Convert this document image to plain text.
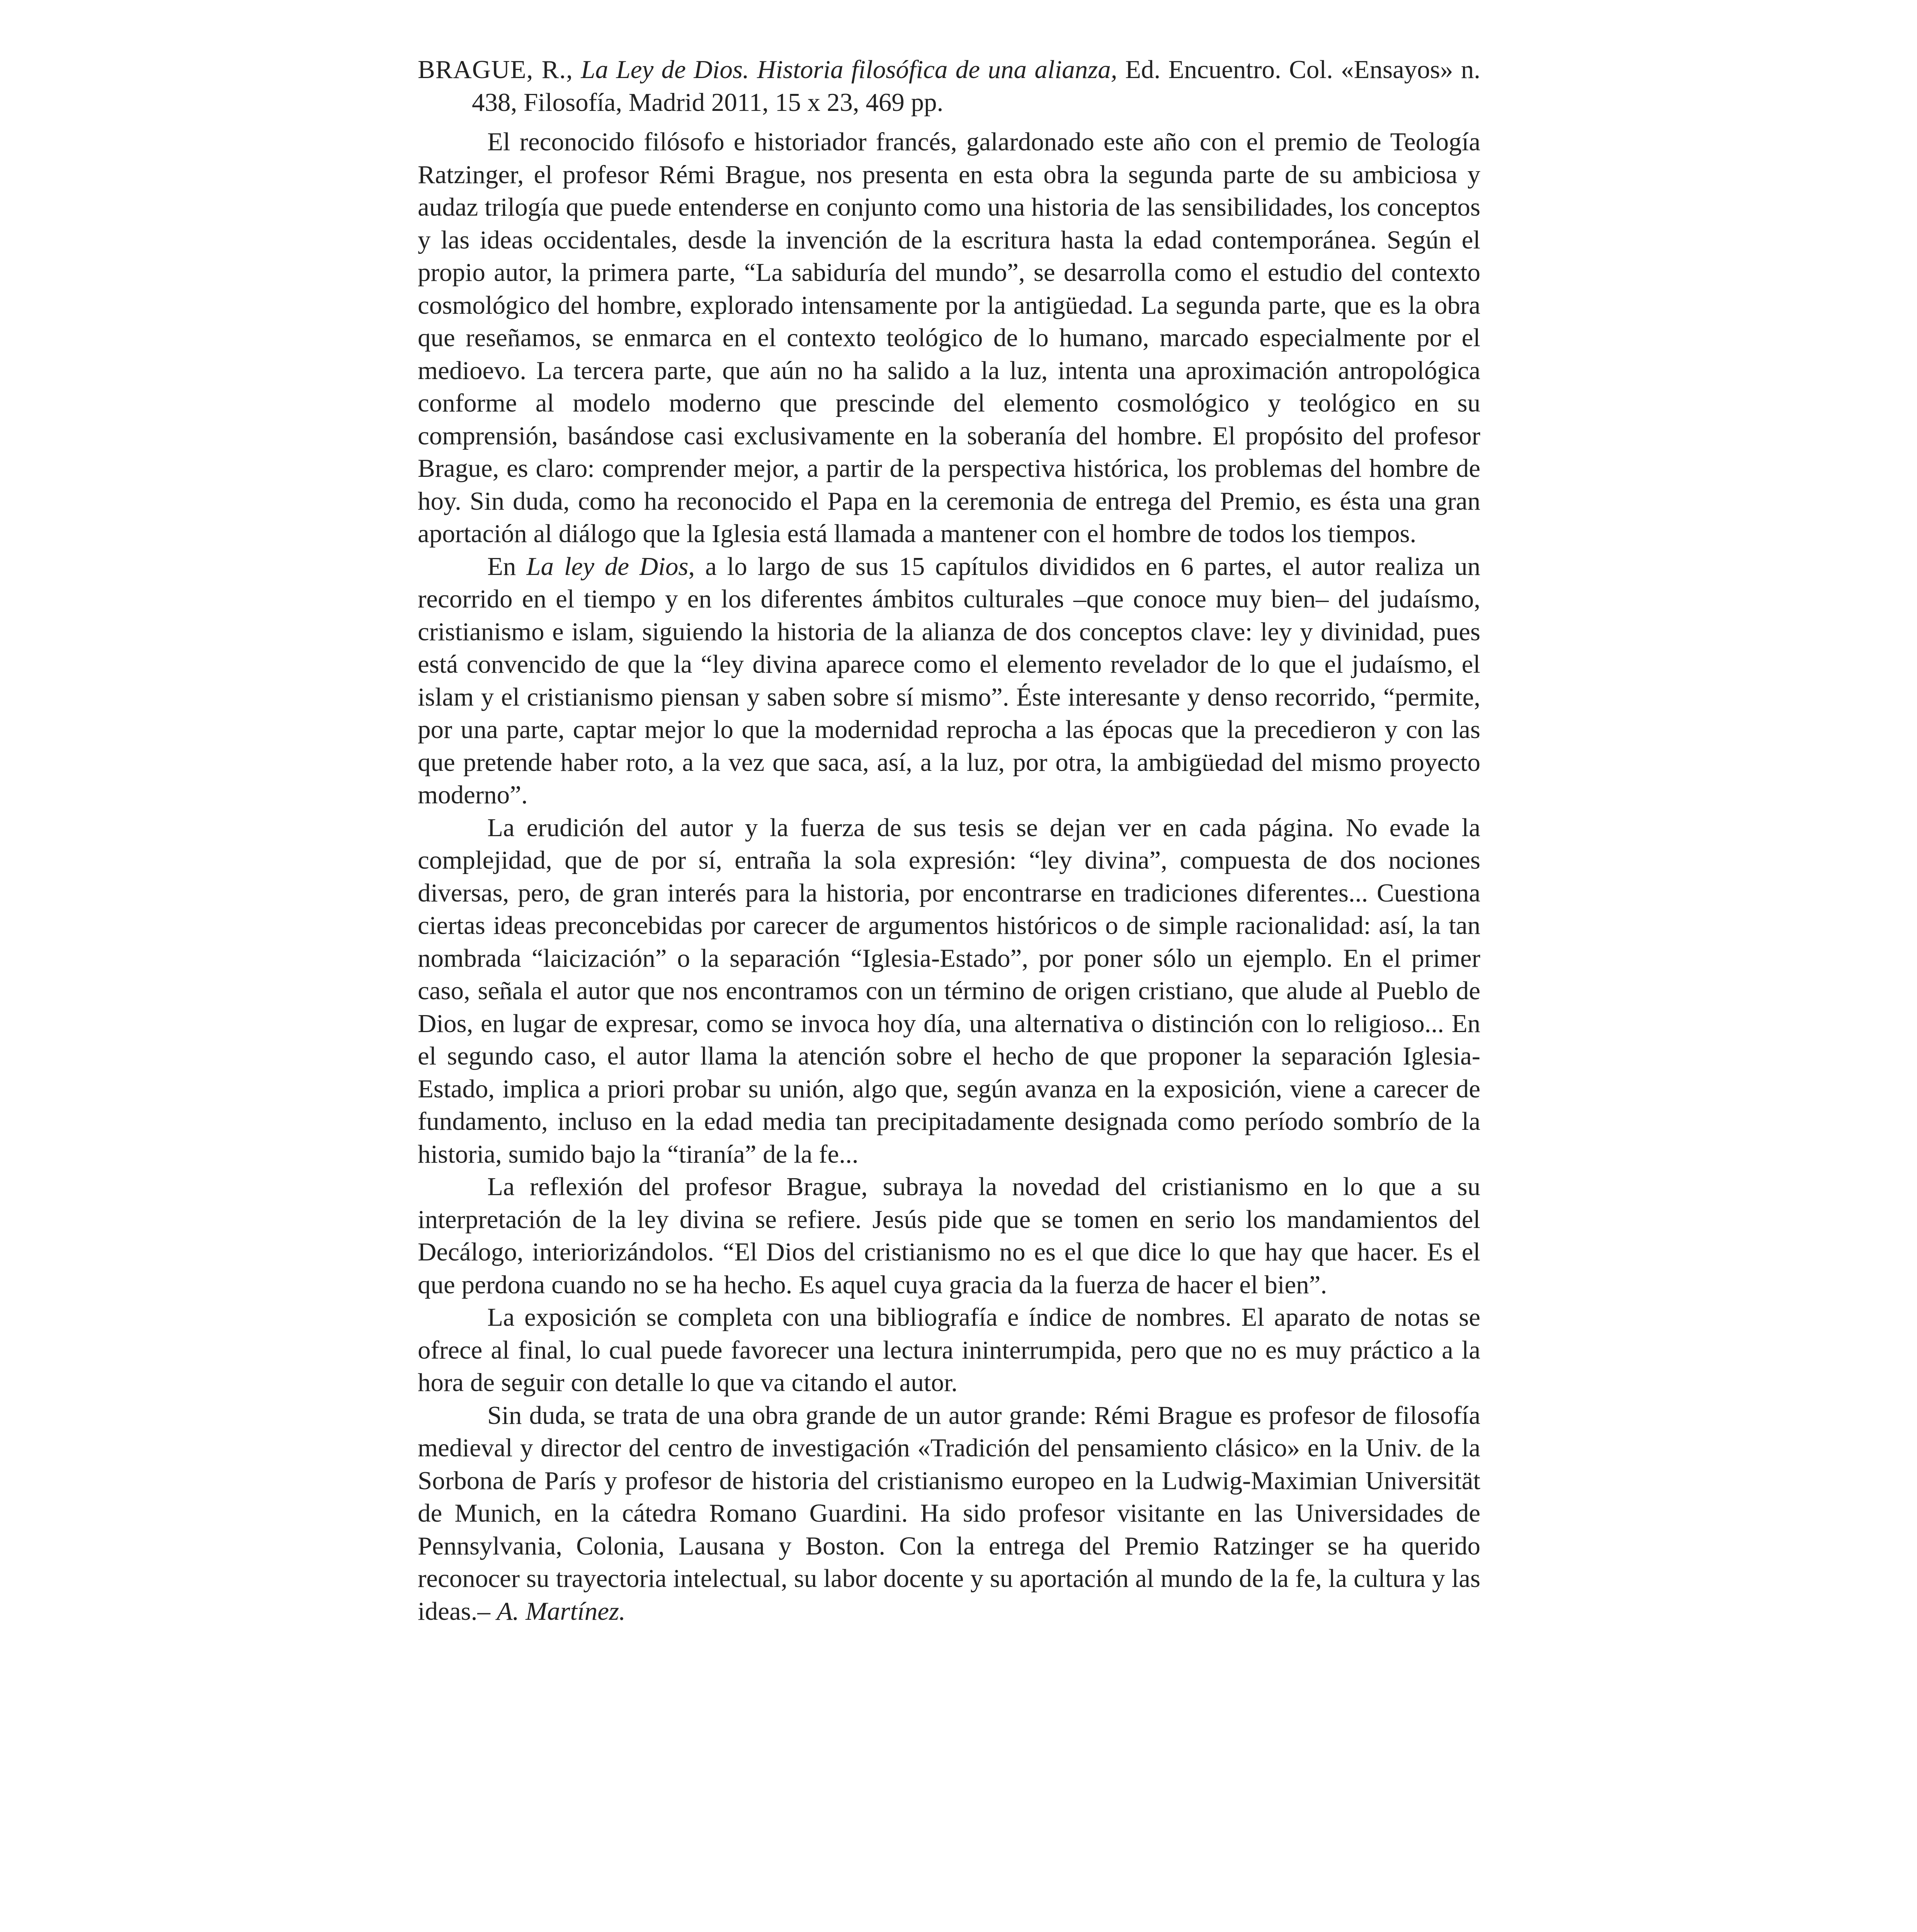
BRAGUE, R., La Ley de Dios. Historia filosófica de una alianza, Ed. Encuentro. Col. «Ensayos» n. 438, Filosofía, Madrid 2011, 15 x 23, 469 pp.

El reconocido filósofo e historiador francés, galardonado este año con el premio de Teología Ratzinger, el profesor Rémi Brague, nos presenta en esta obra la segunda parte de su ambiciosa y audaz trilogía que puede entenderse en conjunto como una historia de las sensibilidades, los conceptos y las ideas occidentales, desde la invención de la escritura hasta la edad contemporánea. Según el propio autor, la primera parte, “La sabiduría del mundo”, se desarrolla como el estudio del contexto cosmológico del hombre, explorado intensamente por la antigüedad. La segunda parte, que es la obra que reseñamos, se enmarca en el contexto teológico de lo humano, marcado especialmente por el medioevo. La tercera parte, que aún no ha salido a la luz, intenta una aproximación antropológica conforme al modelo moderno que prescinde del elemento cosmológico y teológico en su comprensión, basándose casi exclusivamente en la soberanía del hombre. El propósito del profesor Brague, es claro: comprender mejor, a partir de la perspectiva histórica, los problemas del hombre de hoy. Sin duda, como ha reconocido el Papa en la ceremonia de entrega del Premio, es ésta una gran aportación al diálogo que la Iglesia está llamada a mantener con el hombre de todos los tiempos.

En La ley de Dios, a lo largo de sus 15 capítulos divididos en 6 partes, el autor realiza un recorrido en el tiempo y en los diferentes ámbitos culturales –que conoce muy bien– del judaísmo, cristianismo e islam, siguiendo la historia de la alianza de dos conceptos clave: ley y divinidad, pues está convencido de que la “ley divina aparece como el elemento revelador de lo que el judaísmo, el islam y el cristianismo piensan y saben sobre sí mismo”. Éste interesante y denso recorrido, “permite, por una parte, captar mejor lo que la modernidad reprocha a las épocas que la precedieron y con las que pretende haber roto, a la vez que saca, así, a la luz, por otra, la ambigüedad del mismo proyecto moderno”.

La erudición del autor y la fuerza de sus tesis se dejan ver en cada página. No evade la complejidad, que de por sí, entraña la sola expresión: “ley divina”, compuesta de dos nociones diversas, pero, de gran interés para la historia, por encontrarse en tradiciones diferentes... Cuestiona ciertas ideas preconcebidas por carecer de argumentos históricos o de simple racionalidad: así, la tan nombrada “laicización” o la separación “Iglesia-Estado”, por poner sólo un ejemplo. En el primer caso, señala el autor que nos encontramos con un término de origen cristiano, que alude al Pueblo de Dios, en lugar de expresar, como se invoca hoy día, una alternativa o distinción con lo religioso... En el segundo caso, el autor llama la atención sobre el hecho de que proponer la separación Iglesia-Estado, implica a priori probar su unión, algo que, según avanza en la exposición, viene a carecer de fundamento, incluso en la edad media tan precipitadamente designada como período sombrío de la historia, sumido bajo la “tiranía” de la fe...

La reflexión del profesor Brague, subraya la novedad del cristianismo en lo que a su interpretación de la ley divina se refiere. Jesús pide que se tomen en serio los mandamientos del Decálogo, interiorizándolos. “El Dios del cristianismo no es el que dice lo que hay que hacer. Es el que perdona cuando no se ha hecho. Es aquel cuya gracia da la fuerza de hacer el bien”.

La exposición se completa con una bibliografía e índice de nombres. El aparato de notas se ofrece al final, lo cual puede favorecer una lectura ininterrumpida, pero que no es muy práctico a la hora de seguir con detalle lo que va citando el autor.

Sin duda, se trata de una obra grande de un autor grande: Rémi Brague es profesor de filosofía medieval y director del centro de investigación «Tradición del pensamiento clásico» en la Univ. de la Sorbona de París y profesor de historia del cristianismo europeo en la Ludwig-Maximian Universität de Munich, en la cátedra Romano Guardini. Ha sido profesor visitante en las Universidades de Pennsylvania, Colonia, Lausana y Boston. Con la entrega del Premio Ratzinger se ha querido reconocer su trayectoria intelectual, su labor docente y su aportación al mundo de la fe, la cultura y las ideas.– A. Martínez.
